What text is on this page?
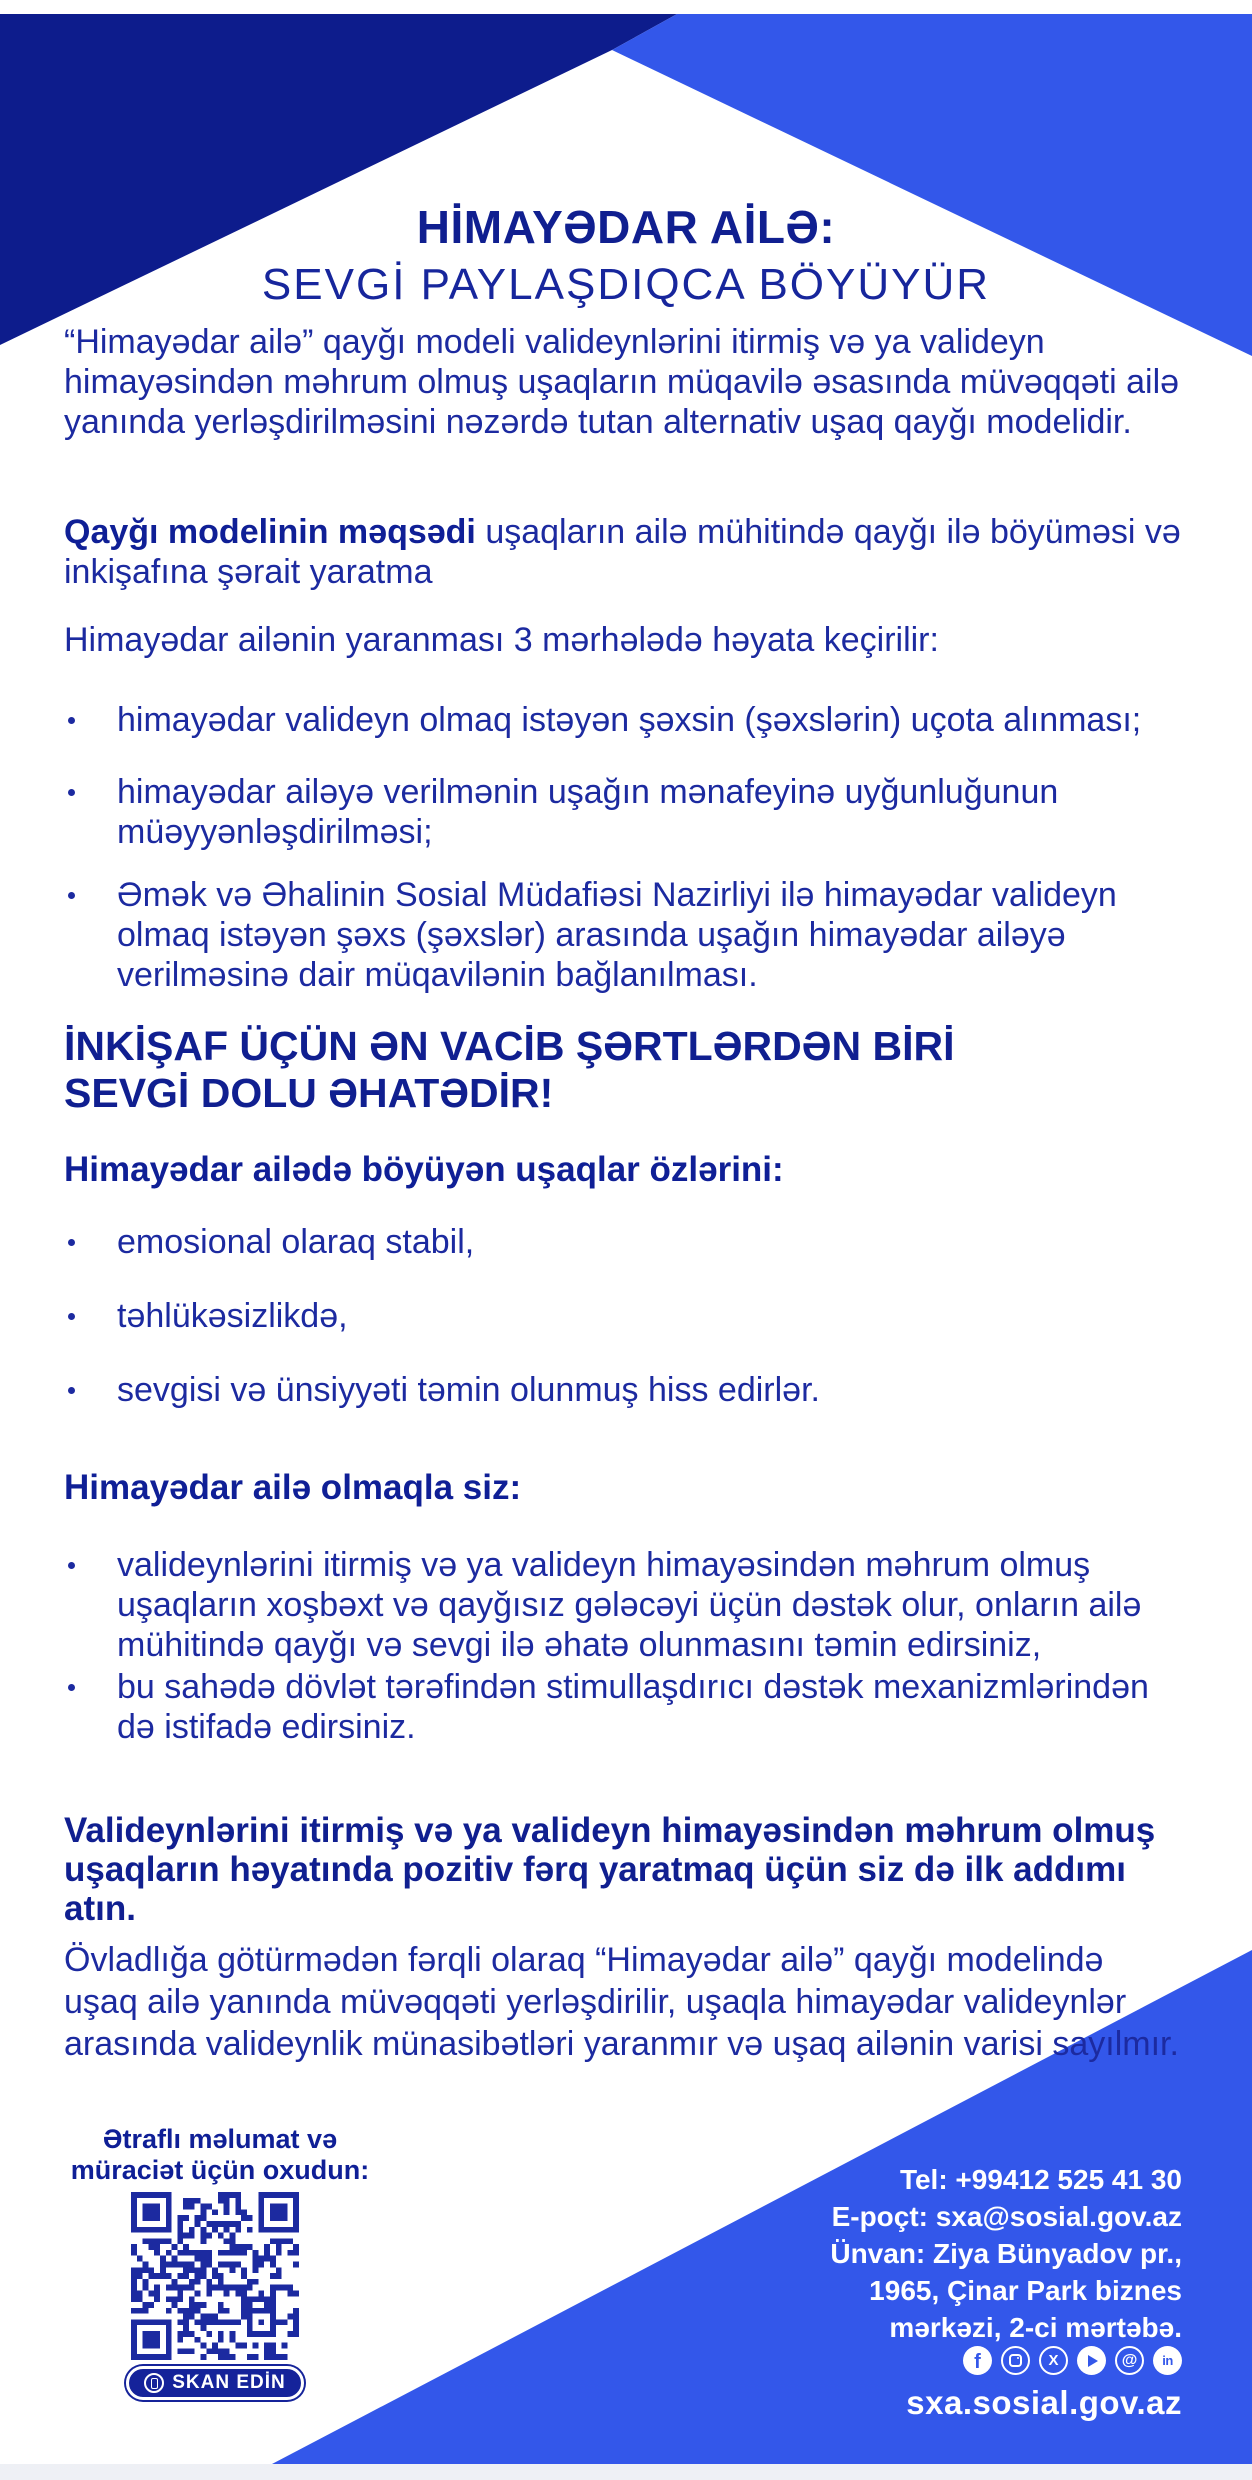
HİMAYƏDAR AİLƏ:
SEVGİ PAYLAŞDIQCA BÖYÜYÜR
“Himayədar ailə” qayğı modeli valideynlərini itirmiş və ya valideyn himayəsindən məhrum olmuş uşaqların müqavilə əsasında müvəqqəti ailə yanında yerləşdirilməsini nəzərdə tutan alternativ uşaq qayğı modelidir.
Qayğı modelinin məqsədi uşaqların ailə mühitində qayğı ilə böyüməsi və inkişafına şərait yaratma
Himayədar ailənin yaranması 3 mərhələdə həyata keçirilir:
himayədar valideyn olmaq istəyən şəxsin (şəxslərin) uçota alınması;
himayədar ailəyə verilmənin uşağın mənafeyinə uyğunluğunun müəyyənləşdirilməsi;
Əmək və Əhalinin Sosial Müdafiəsi Nazirliyi ilə himayədar valideyn olmaq istəyən şəxs (şəxslər) arasında uşağın himayədar ailəyə verilməsinə dair müqavilənin bağlanılması.
İNKİŞAF ÜÇÜN ƏN VACİB ŞƏRTLƏRDƏN BİRİ
SEVGİ DOLU ƏHATƏDİR!
Himayədar ailədə böyüyən uşaqlar özlərini:
emosional olaraq stabil,
təhlükəsizlikdə,
sevgisi və ünsiyyəti təmin olunmuş hiss edirlər.
Himayədar ailə olmaqla siz:
valideynlərini itirmiş və ya valideyn himayəsindən məhrum olmuş uşaqların xoşbəxt və qayğısız gələcəyi üçün dəstək olur, onların ailə mühitində qayğı və sevgi ilə əhatə olunmasını təmin edirsiniz,
bu sahədə dövlət tərəfindən stimullaşdırıcı dəstək mexanizmlərindən də istifadə edirsiniz.
Valideynlərini itirmiş və ya valideyn himayəsindən məhrum olmuş uşaqların həyatında pozitiv fərq yaratmaq üçün siz də ilk addımı atın.
Övladlığa götürmədən fərqli olaraq “Himayədar ailə” qayğı modelində uşaq ailə yanında müvəqqəti yerləşdirilir, uşaqla himayədar valideynlər arasında valideynlik münasibətləri yaranmır və uşaq ailənin varisi sayılmır.
Ətraflı məlumat və
müraciət üçün oxudun:
SKAN EDİN
Tel: +99412 525 41 30
E-poçt: sxa@sosial.gov.az
Ünvan: Ziya Bünyadov pr.,
1965, Çinar Park biznes
mərkəzi, 2-ci mərtəbə.
f	X	@ in
sxa.sosial.gov.az
